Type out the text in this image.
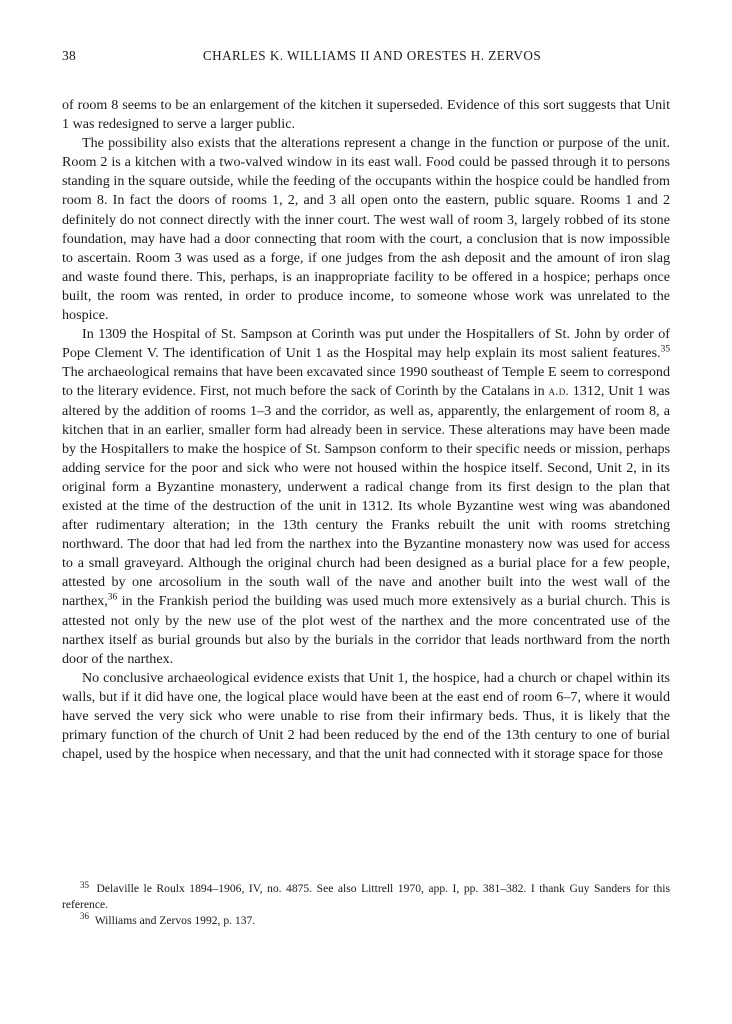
38	CHARLES K. WILLIAMS II AND ORESTES H. ZERVOS

of room 8 seems to be an enlargement of the kitchen it superseded. Evidence of this sort suggests that Unit 1 was redesigned to serve a larger public.

The possibility also exists that the alterations represent a change in the function or purpose of the unit. Room 2 is a kitchen with a two-valved window in its east wall. Food could be passed through it to persons standing in the square outside, while the feeding of the occupants within the hospice could be handled from room 8. In fact the doors of rooms 1, 2, and 3 all open onto the eastern, public square. Rooms 1 and 2 definitely do not connect directly with the inner court. The west wall of room 3, largely robbed of its stone foundation, may have had a door connecting that room with the court, a conclusion that is now impossible to ascertain. Room 3 was used as a forge, if one judges from the ash deposit and the amount of iron slag and waste found there. This, perhaps, is an inappropriate facility to be offered in a hospice; perhaps once built, the room was rented, in order to produce income, to someone whose work was unrelated to the hospice.

In 1309 the Hospital of St. Sampson at Corinth was put under the Hospitallers of St. John by order of Pope Clement V. The identification of Unit 1 as the Hospital may help explain its most salient features.$^{35}$ The archaeological remains that have been excavated since 1990 southeast of Temple E seem to correspond to the literary evidence. First, not much before the sack of Corinth by the Catalans in a.d. 1312, Unit 1 was altered by the addition of rooms 1–3 and the corridor, as well as, apparently, the enlargement of room 8, a kitchen that in an earlier, smaller form had already been in service. These alterations may have been made by the Hospitallers to make the hospice of St. Sampson conform to their specific needs or mission, perhaps adding service for the poor and sick who were not housed within the hospice itself. Second, Unit 2, in its original form a Byzantine monastery, underwent a radical change from its first design to the plan that existed at the time of the destruction of the unit in 1312. Its whole Byzantine west wing was abandoned after rudimentary alteration; in the 13th century the Franks rebuilt the unit with rooms stretching northward. The door that had led from the narthex into the Byzantine monastery now was used for access to a small graveyard. Although the original church had been designed as a burial place for a few people, attested by one arcosolium in the south wall of the nave and another built into the west wall of the narthex,$^{36}$ in the Frankish period the building was used much more extensively as a burial church. This is attested not only by the new use of the plot west of the narthex and the more concentrated use of the narthex itself as burial grounds but also by the burials in the corridor that leads northward from the north door of the narthex.

No conclusive archaeological evidence exists that Unit 1, the hospice, had a church or chapel within its walls, but if it did have one, the logical place would have been at the east end of room 6–7, where it would have served the very sick who were unable to rise from their infirmary beds. Thus, it is likely that the primary function of the church of Unit 2 had been reduced by the end of the 13th century to one of burial chapel, used by the hospice when necessary, and that the unit had connected with it storage space for those

$^{35}$ Delaville le Roulx 1894–1906, IV, no. 4875. See also Littrell 1970, app. I, pp. 381–382. I thank Guy Sanders for this reference.

$^{36}$ Williams and Zervos 1992, p. 137.
